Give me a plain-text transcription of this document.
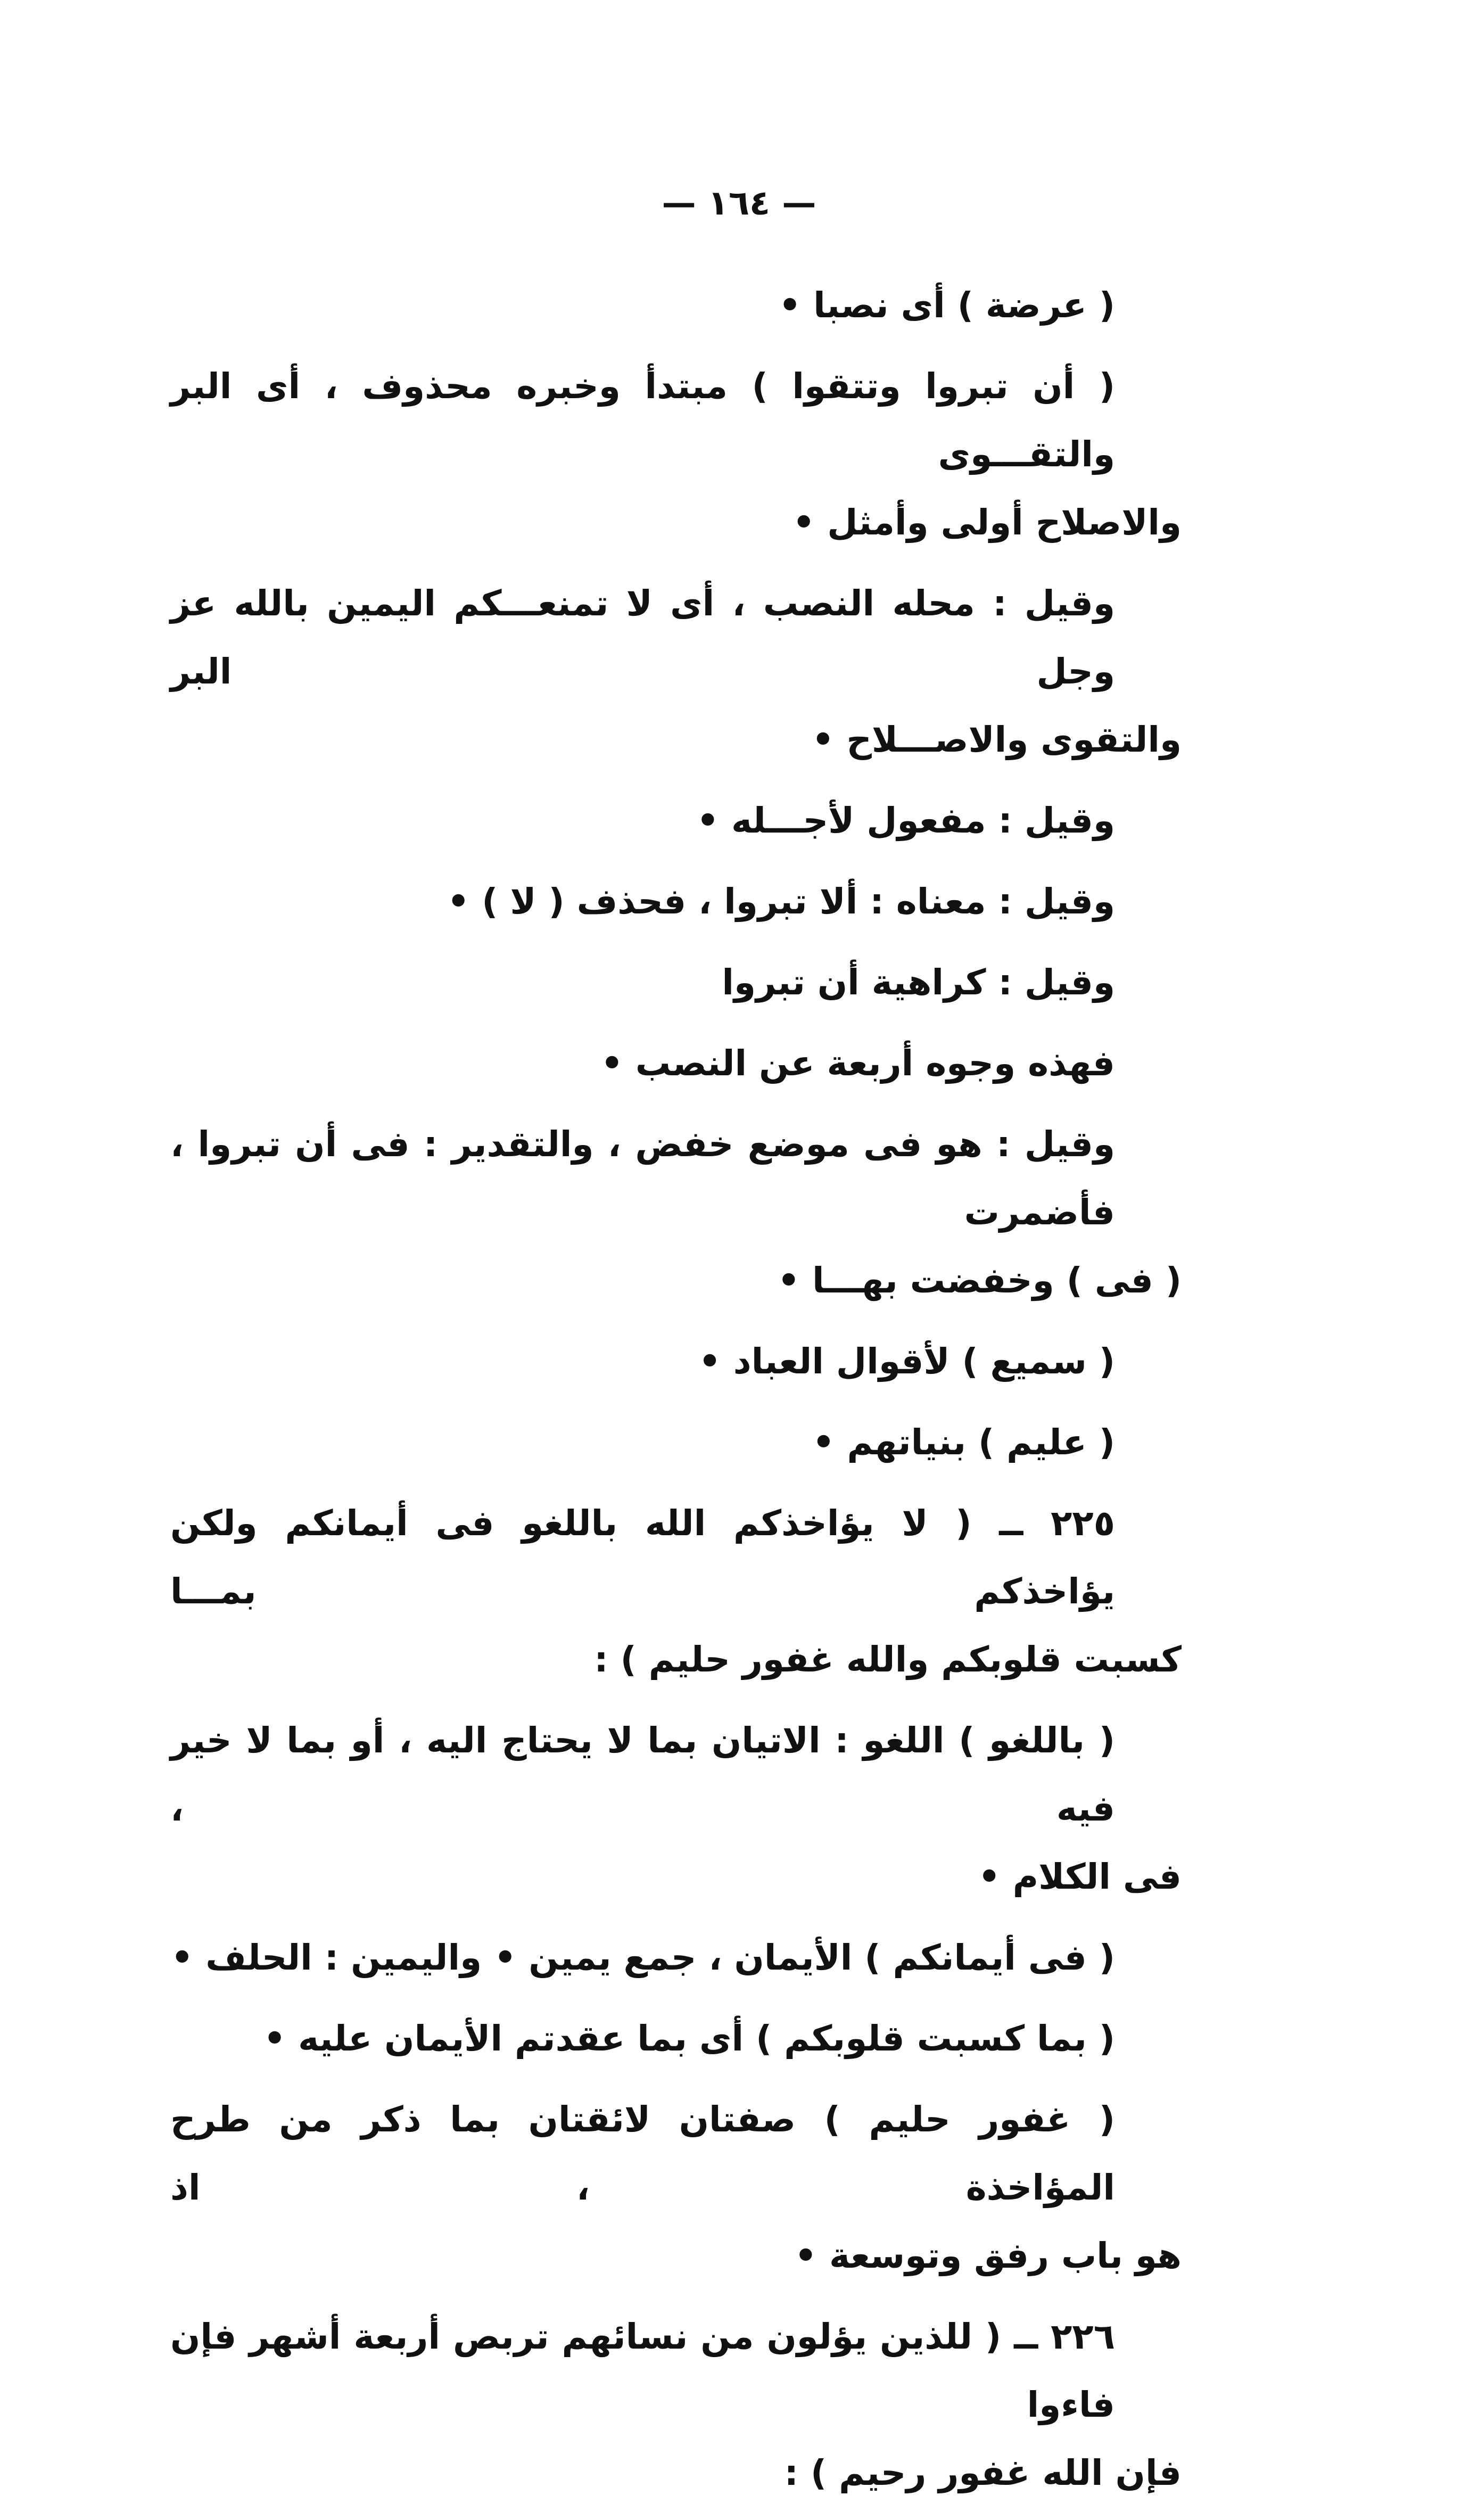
— ١٦٤ —
( عرضة ) أى نصبا •
( أن تبروا وتتقوا ) مبتدأ وخبره محذوف ، أى البر والتقـــوى
والاصلاح أولى وأمثل •
وقيل : محله النصب ، أى لا تمنعـــكم اليمين بالله عز وجل البر
والتقوى والاصـــلاح •
وقيل : مفعول لأجـــله •
وقيل : معناه : ألا تبروا ، فحذف ( لا ) •
وقيل : كراهية أن تبروا
فهذه وجوه أربعة عن النصب •
وقيل : هو فى موضع خفض ، والتقدير : فى أن تبروا ، فأضمرت
( فى ) وخفضت بهـــا •
( سميع ) لأقوال العباد •
( عليم ) بنياتهم •
٢٢٥ ــ ( لا يؤاخذكم الله باللغو فى أيمانكم ولكن يؤاخذكم بمـــا
كسبت قلوبكم والله غفور حليم ) :
( باللغو ) اللغو : الاتيان بما لا يحتاج اليه ، أو بما لا خير فيه ،
فى الكلام •
( فى أيمانكم ) الأيمان ، جمع يمين • واليمين : الحلف •
( بما كسبت قلوبكم ) أى بما عقدتم الأيمان عليه •
( غفور حليم ) صفتان لائقتان بما ذكر من طرح المؤاخذة ، اذ
هو باب رفق وتوسعة •
٢٢٦ ــ ( للذين يؤلون من نسائهم تربص أربعة أشهر فإن فاءوا
فإن الله غفور رحيم ) :
